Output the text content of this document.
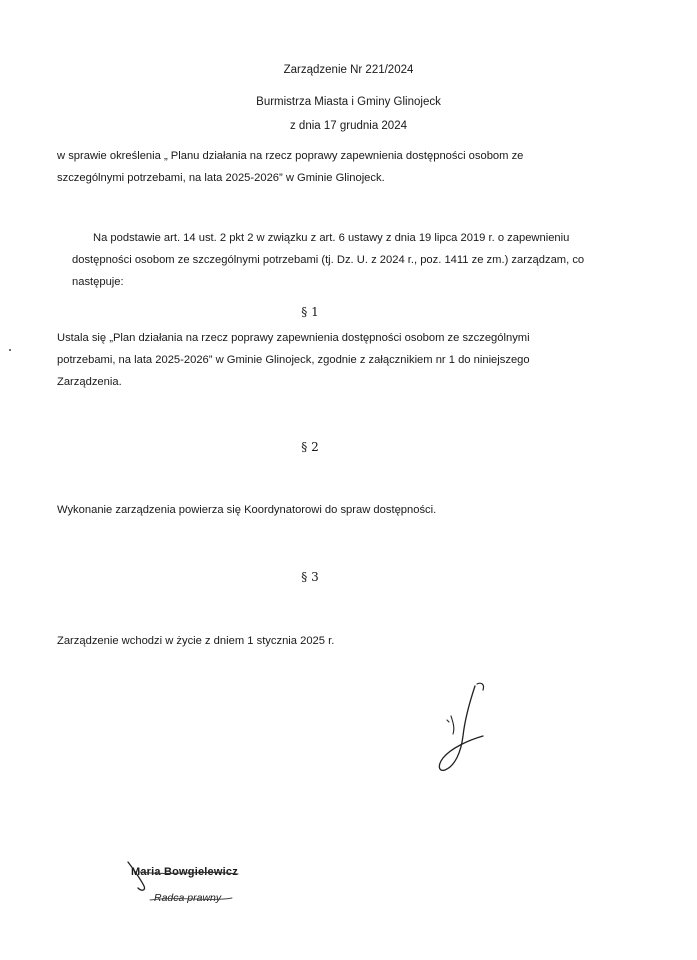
Zarządzenie Nr 221/2024
Burmistrza Miasta i Gminy Glinojeck
z dnia 17 grudnia 2024
w sprawie określenia „ Planu działania na rzecz poprawy zapewnienia dostępności osobom ze
szczególnymi potrzebami, na lata 2025-2026” w Gminie Glinojeck.
Na podstawie art. 14 ust. 2 pkt 2 w związku z art. 6 ustawy z dnia 19 lipca 2019 r. o zapewnieniu
dostępności osobom ze szczególnymi potrzebami (tj. Dz. U. z 2024 r., poz. 1411 ze zm.) zarządzam, co
następuje:
§ 1
Ustala się „Plan działania na rzecz poprawy zapewnienia dostępności osobom ze szczególnymi
potrzebami, na lata 2025-2026” w Gminie Glinojeck, zgodnie z załącznikiem nr 1 do niniejszego
Zarządzenia.
§ 2
Wykonanie zarządzenia powierza się Koordynatorowi do spraw dostępności.
§ 3
Zarządzenie wchodzi w życie z dniem 1 stycznia 2025 r.
Maria Bowgielewicz
Radca prawny
